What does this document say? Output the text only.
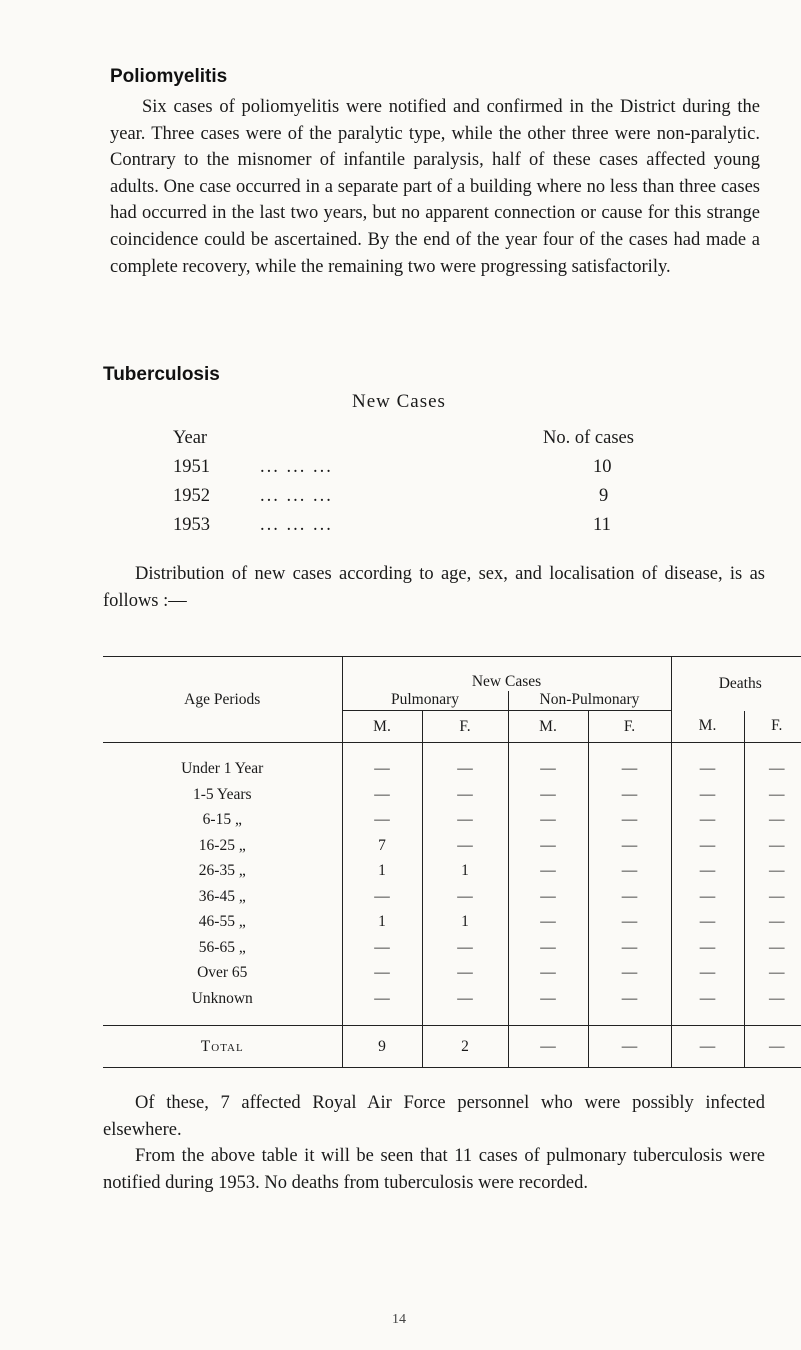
Poliomyelitis
Six cases of poliomyelitis were notified and confirmed in the District during the year. Three cases were of the paralytic type, while the other three were non-paralytic. Contrary to the misnomer of infantile paralysis, half of these cases affected young adults. One case occurred in a separate part of a building where no less than three cases had occurred in the last two years, but no apparent connection or cause for this strange coincidence could be ascertained. By the end of the year four of the cases had made a complete recovery, while the remaining two were progressing satisfactorily.
Tuberculosis
New Cases
Year	No. of cases
1951	... ... ...	10
1952	... ... ...	9
1953	... ... ...	11
Distribution of new cases according to age, sex, and localisation of disease, is as follows :—
Age Periods	New Cases				Deaths	
	Pulmonary		Non-Pulmonary			
	M.	F.	M.	F.	M.	F.

Under 1 Year	—	—	—	—	—	—
1-5 Years	—	—	—	—	—	—
6-15 „	—	—	—	—	—	—
16-25 „	7	—	—	—	—	—
26-35 „	1	1	—	—	—	—
36-45 „	—	—	—	—	—	—
46-55 „	1	1	—	—	—	—
56-65 „	—	—	—	—	—	—
Over 65	—	—	—	—	—	—
Unknown	—	—	—	—	—	—

Total	9	2	—	—	—	—
Of these, 7 affected Royal Air Force personnel who were possibly infected elsewhere.
From the above table it will be seen that 11 cases of pulmonary tuberculosis were notified during 1953. No deaths from tuberculosis were recorded.
14
